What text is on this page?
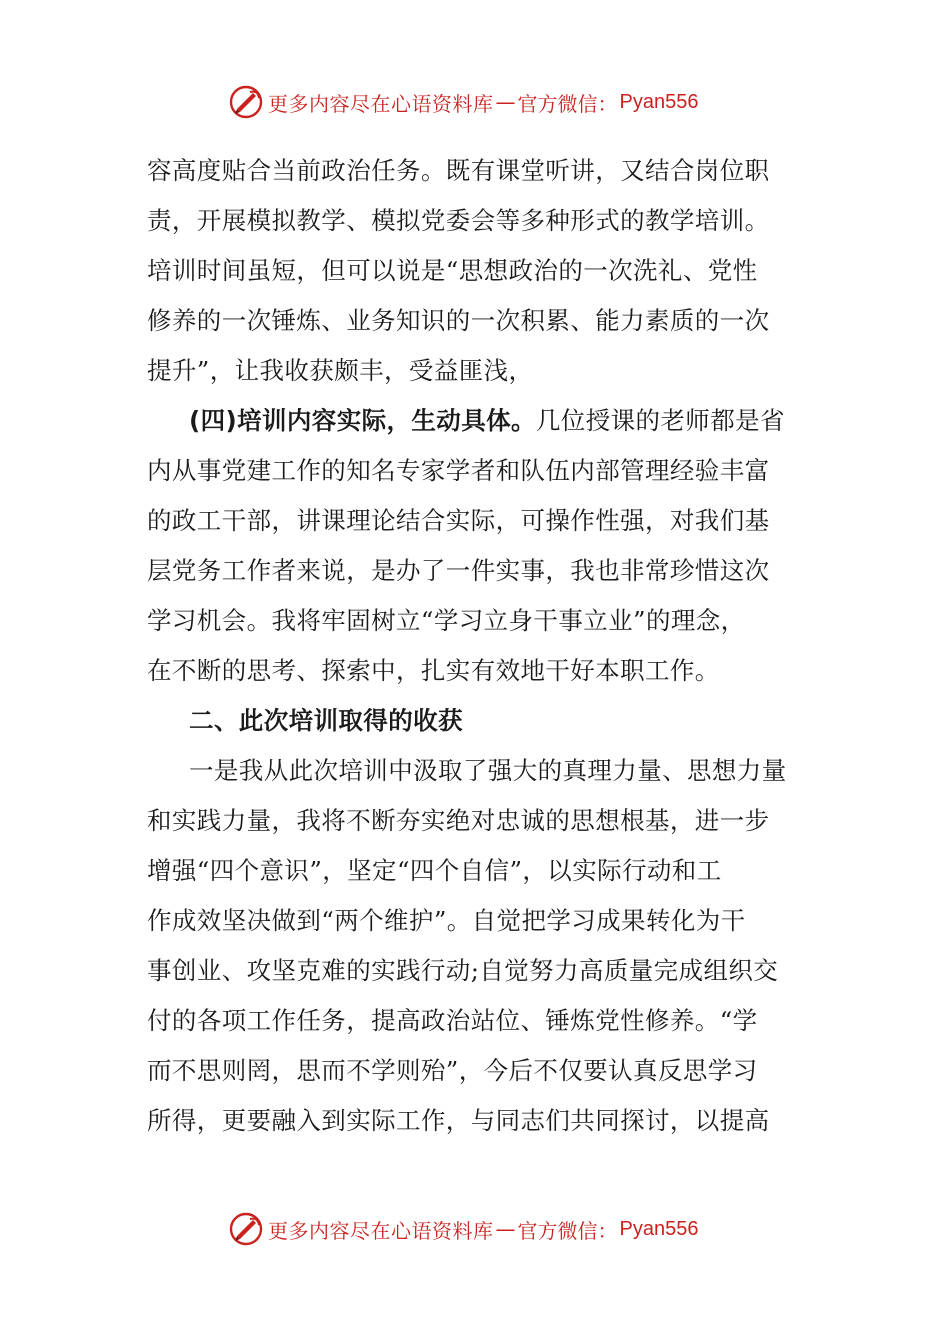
更多内容尽在心语资料库 — 官方微信： Pyan556
容高度贴合当前政治任务。既有课堂听讲，又结合岗位职
责，开展模拟教学、模拟党委会等多种形式的教学培训。
培训时间虽短，但可以说是“思想政治的一次洗礼、党性
修养的一次锤炼、业务知识的一次积累、能力素质的一次
提升”，让我收获颇丰，受益匪浅，
(四)培训内容实际，生动具体。几位授课的老师都是省
内从事党建工作的知名专家学者和队伍内部管理经验丰富
的政工干部，讲课理论结合实际，可操作性强，对我们基
层党务工作者来说，是办了一件实事，我也非常珍惜这次
学习机会。我将牢固树立“学习立身干事立业”的理念，
在不断的思考、探索中，扎实有效地干好本职工作。
二、此次培训取得的收获
一是我从此次培训中汲取了强大的真理力量、思想力量
和实践力量，我将不断夯实绝对忠诚的思想根基，进一步
增强“四个意识”，坚定“四个自信”，以实际行动和工
作成效坚决做到“两个维护”。自觉把学习成果转化为干
事创业、攻坚克难的实践行动;自觉努力高质量完成组织交
付的各项工作任务，提高政治站位、锤炼党性修养。“学
而不思则罔，思而不学则殆”，今后不仅要认真反思学习
所得，更要融入到实际工作，与同志们共同探讨，以提高
更多内容尽在心语资料库 — 官方微信： Pyan556
